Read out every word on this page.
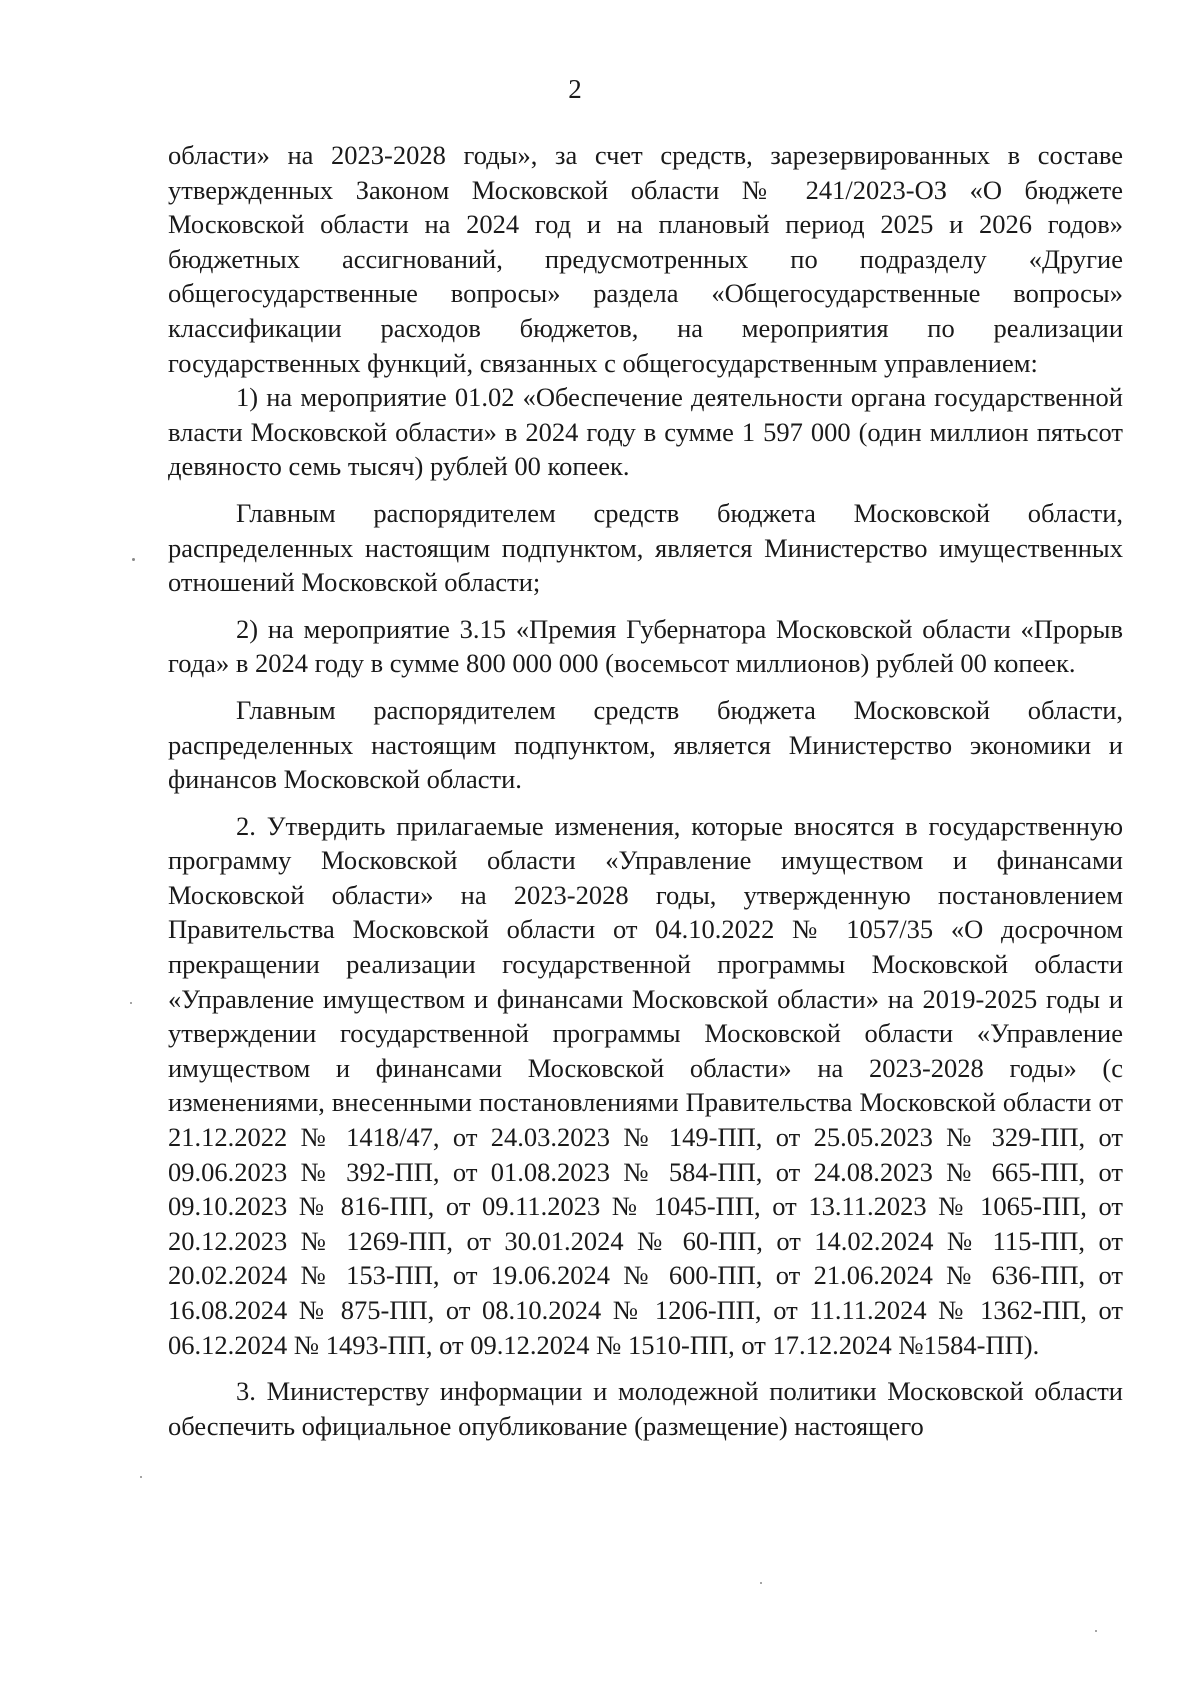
2

области» на 2023-2028 годы», за счет средств, зарезервированных в составе утвержденных Законом Московской области № 241/2023-ОЗ «О бюджете Московской области на 2024 год и на плановый период 2025 и 2026 годов» бюджетных ассигнований, предусмотренных по подразделу «Другие общегосударственные вопросы» раздела «Общегосударственные вопросы» классификации расходов бюджетов, на мероприятия по реализации государственных функций, связанных с общегосударственным управлением:

1) на мероприятие 01.02 «Обеспечение деятельности органа государственной власти Московской области» в 2024 году в сумме 1 597 000 (один миллион пятьсот девяносто семь тысяч) рублей 00 копеек.

Главным распорядителем средств бюджета Московской области, распределенных настоящим подпунктом, является Министерство имущественных отношений Московской области;

2) на мероприятие 3.15 «Премия Губернатора Московской области «Прорыв года» в 2024 году в сумме 800 000 000 (восемьсот миллионов) рублей 00 копеек.

Главным распорядителем средств бюджета Московской области, распределенных настоящим подпунктом, является Министерство экономики и финансов Московской области.

2. Утвердить прилагаемые изменения, которые вносятся в государственную программу Московской области «Управление имуществом и финансами Московской области» на 2023-2028 годы, утвержденную постановлением Правительства Московской области от 04.10.2022 № 1057/35 «О досрочном прекращении реализации государственной программы Московской области «Управление имуществом и финансами Московской области» на 2019-2025 годы и утверждении государственной программы Московской области «Управление имуществом и финансами Московской области» на 2023-2028 годы» (с изменениями, внесенными постановлениями Правительства Московской области от 21.12.2022 № 1418/47, от 24.03.2023 № 149-ПП, от 25.05.2023 № 329-ПП, от 09.06.2023 № 392-ПП, от 01.08.2023 № 584-ПП, от 24.08.2023 № 665-ПП, от 09.10.2023 № 816-ПП, от 09.11.2023 № 1045-ПП, от 13.11.2023 № 1065-ПП, от 20.12.2023 № 1269-ПП, от 30.01.2024 № 60-ПП, от 14.02.2024 № 115-ПП, от 20.02.2024 № 153-ПП, от 19.06.2024 № 600-ПП, от 21.06.2024 № 636-ПП, от 16.08.2024 № 875-ПП, от 08.10.2024 № 1206-ПП, от 11.11.2024 № 1362-ПП, от 06.12.2024 № 1493-ПП, от 09.12.2024 № 1510-ПП, от 17.12.2024 №1584-ПП).

3. Министерству информации и молодежной политики Московской области обеспечить официальное опубликование (размещение) настоящего
